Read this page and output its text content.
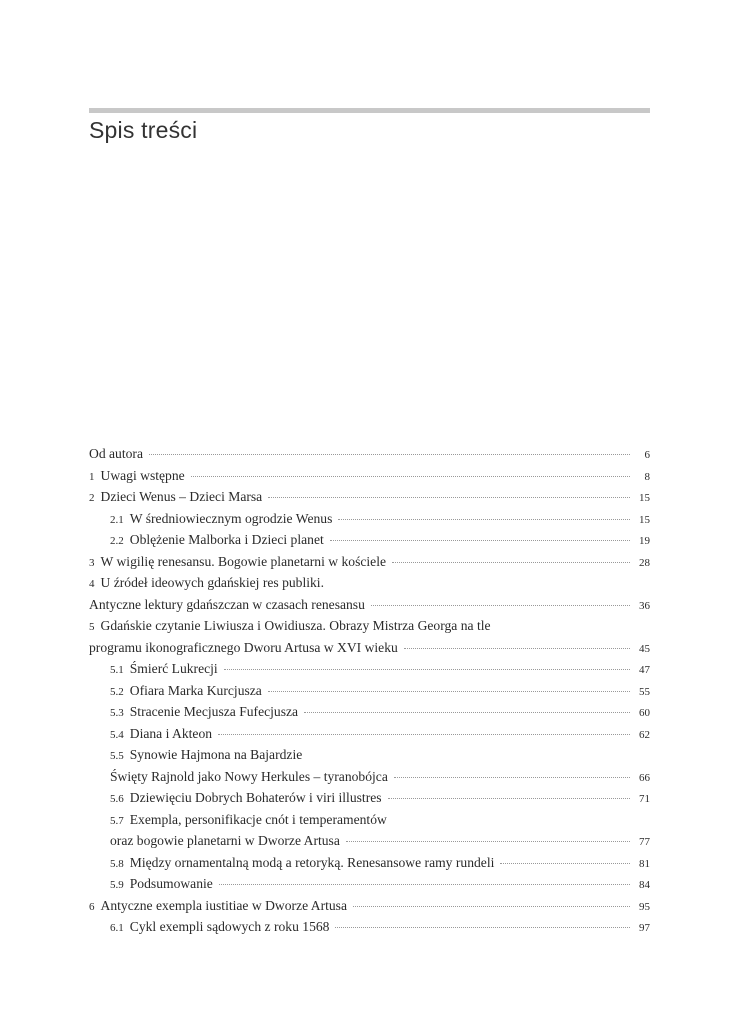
Spis treści
Od autora	6
1 Uwagi wstępne	8
2 Dzieci Wenus – Dzieci Marsa	15
2.1 W średniowiecznym ogrodzie Wenus	15
2.2 Oblężenie Malborka i Dzieci planet	19
3 W wigilię renesansu. Bogowie planetarni w kościele	28
4 U źródeł ideowych gdańskiej res publiki.
Antyczne lektury gdańszczan w czasach renesansu	36
5 Gdańskie czytanie Liwiusza i Owidiusza. Obrazy Mistrza Georga na tle
programu ikonograficznego Dworu Artusa w XVI wieku	45
5.1 Śmierć Lukrecji	47
5.2 Ofiara Marka Kurcjusza	55
5.3 Stracenie Mecjusza Fufecjusza	60
5.4 Diana i Akteon	62
5.5 Synowie Hajmona na Bajardzie
Święty Rajnold jako Nowy Herkules – tyranobójca	66
5.6 Dziewięciu Dobrych Bohaterów i viri illustres	71
5.7 Exempla, personifikacje cnót i temperamentów
oraz bogowie planetarni w Dworze Artusa	77
5.8 Między ornamentalną modą a retoryką. Renesansowe ramy rundeli	81
5.9 Podsumowanie	84
6 Antyczne exempla iustitiae w Dworze Artusa	95
6.1 Cykl exempli sądowych z roku 1568	97
